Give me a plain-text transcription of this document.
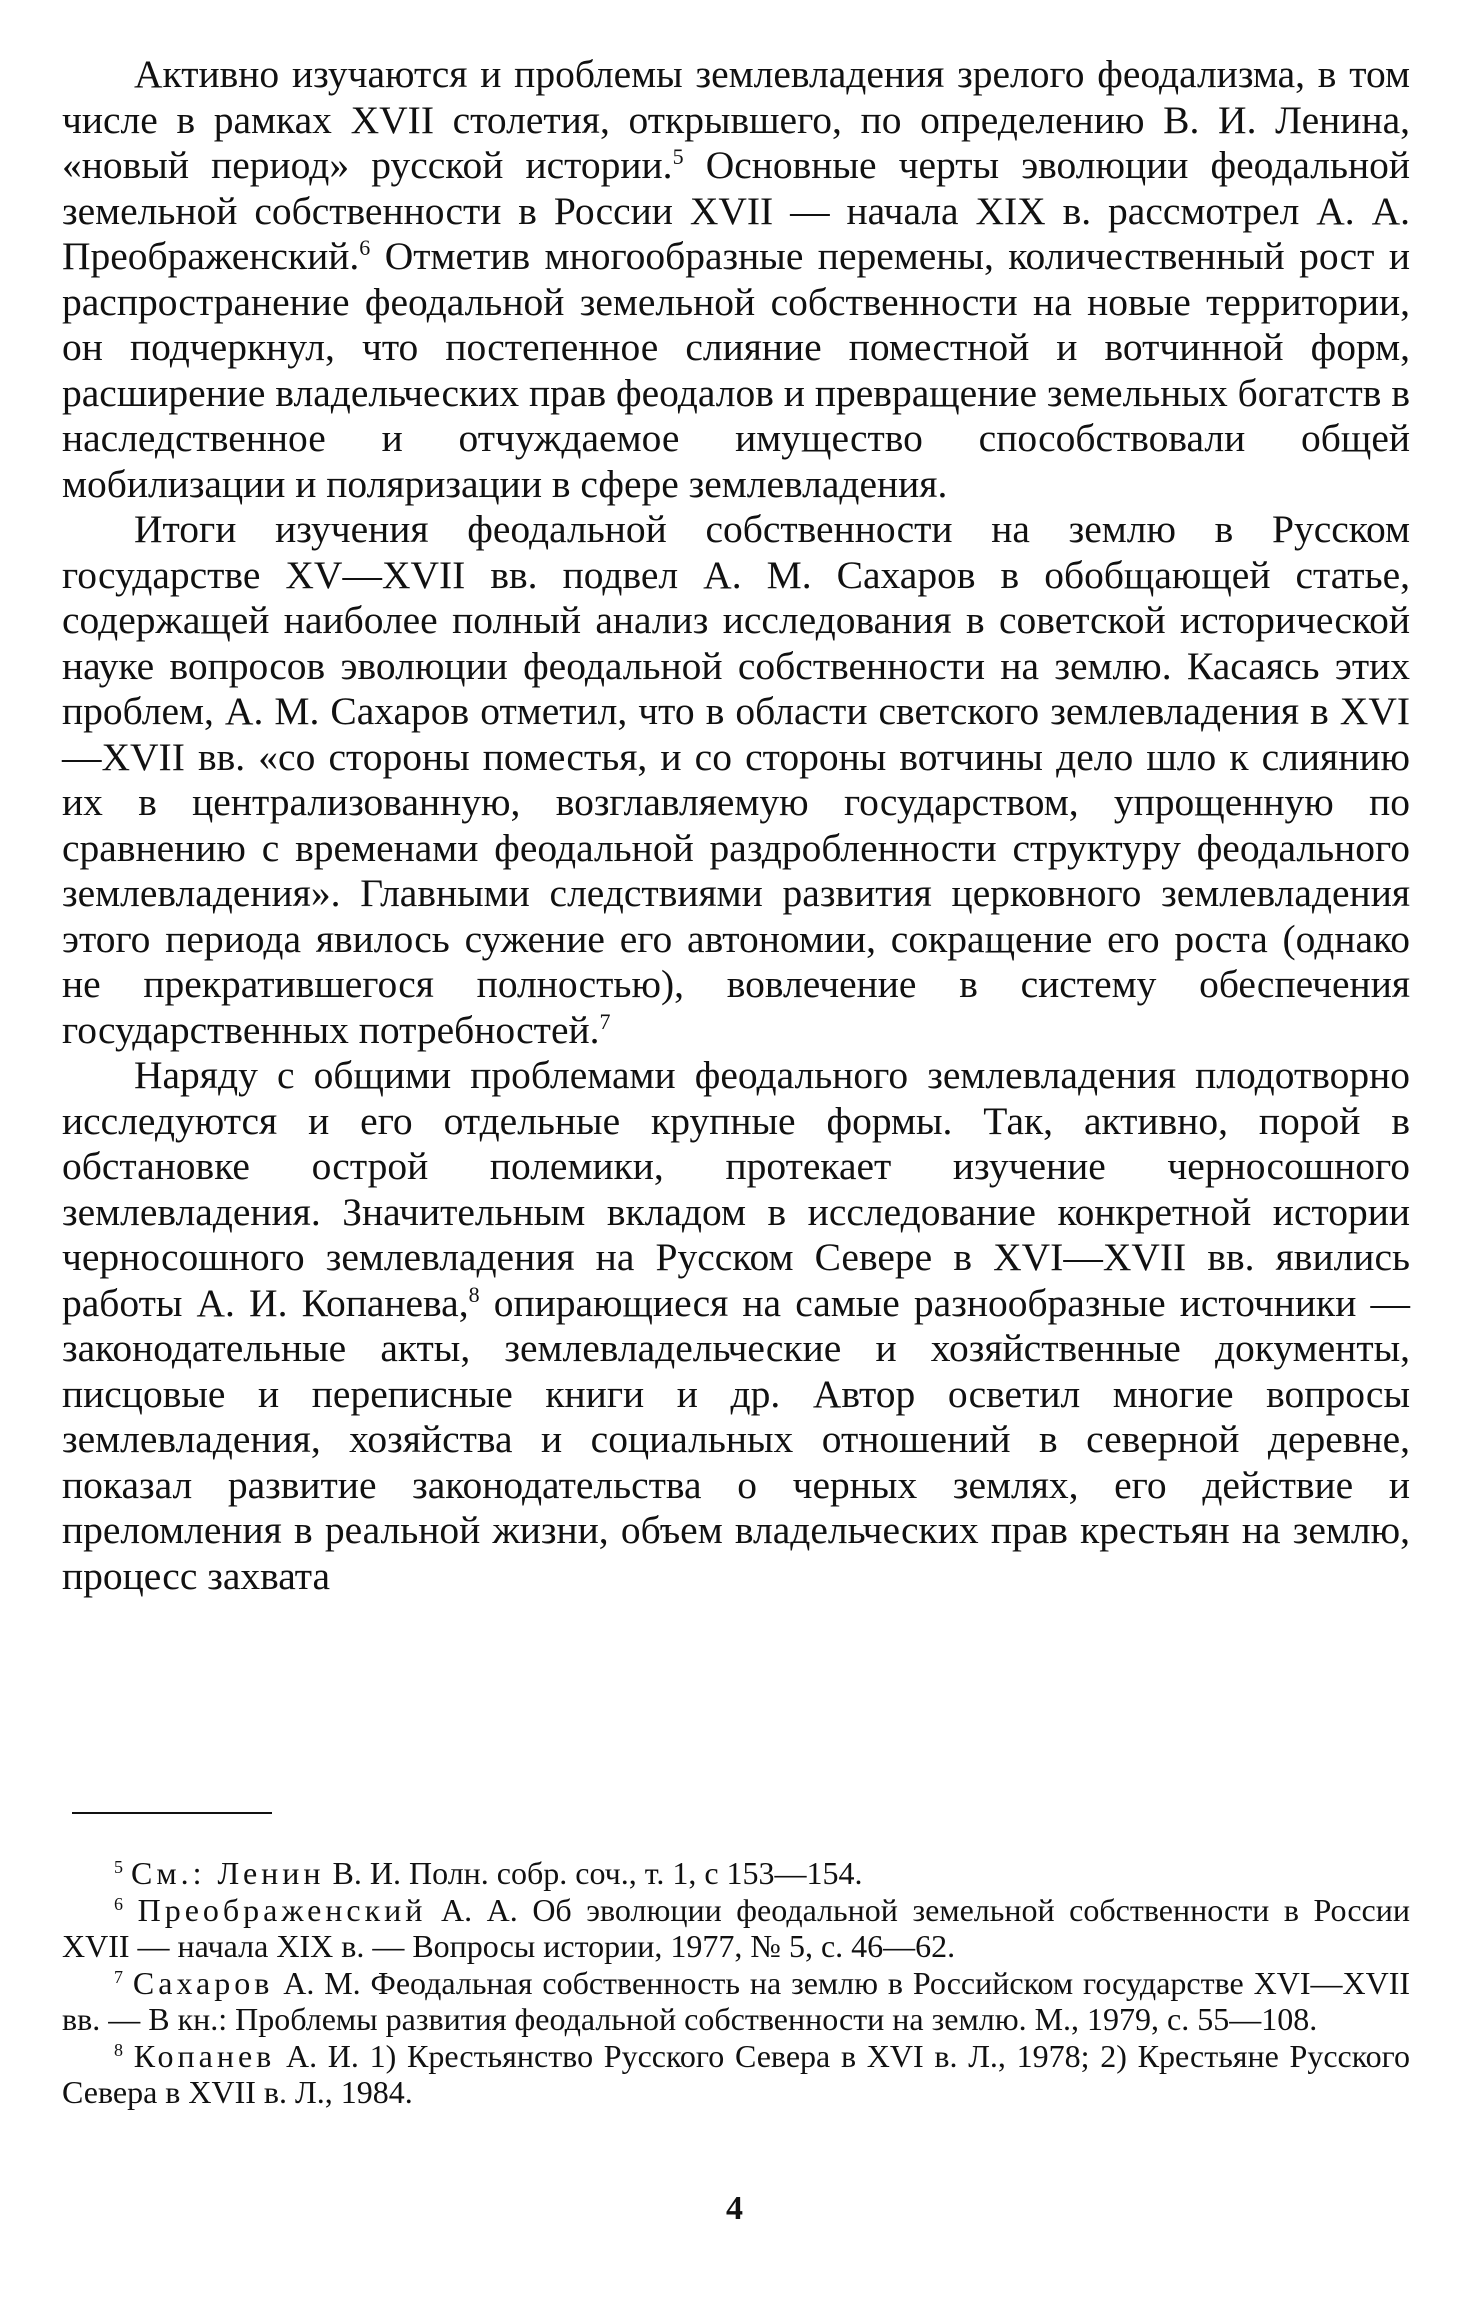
Активно изучаются и проблемы землевладения зрелого феодализма, в том числе в рамках XVII столетия, открывшего, по определению В. И. Ленина, «новый период» русской истории.$^5$ Основные черты эволюции феодальной земельной собственности в России XVII — начала XIX в. рассмотрел А. А. Преображенский.$^6$ Отметив многообразные перемены, количественный рост и распространение феодальной земельной собственности на новые территории, он подчеркнул, что постепенное слияние поместной и вотчинной форм, расширение владельческих прав феодалов и превращение земельных богатств в наследственное и отчуждаемое имущество способствовали общей мобилизации и поляризации в сфере землевладения.

Итоги изучения феодальной собственности на землю в Русском государстве XV—XVII вв. подвел А. М. Сахаров в обобщающей статье, содержащей наиболее полный анализ исследования в советской исторической науке вопросов эволюции феодальной собственности на землю. Касаясь этих проблем, А. М. Сахаров отметил, что в области светского землевладения в XVI—XVII вв. «со стороны поместья, и со стороны вотчины дело шло к слиянию их в централизованную, возглавляемую государством, упрощенную по сравнению с временами феодальной раздробленности структуру феодального землевладения». Главными следствиями развития церковного землевладения этого периода явилось сужение его автономии, сокращение его роста (однако не прекратившегося полностью), вовлечение в систему обеспечения государственных потребностей.$^7$

Наряду с общими проблемами феодального землевладения плодотворно исследуются и его отдельные крупные формы. Так, активно, порой в обстановке острой полемики, протекает изучение черносошного землевладения. Значительным вкладом в исследование конкретной истории черносошного землевладения на Русском Севере в XVI—XVII вв. явились работы А. И. Копанева,$^8$ опирающиеся на самые разнообразные источники — законодательные акты, землевладельческие и хозяйственные документы, писцовые и переписные книги и др. Автор осветил многие вопросы землевладения, хозяйства и социальных отношений в северной деревне, показал развитие законодательства о черных землях, его действие и преломления в реальной жизни, объем владельческих прав крестьян на землю, процесс захвата

$^5$ См.: Ленин В. И. Полн. собр. соч., т. 1, с 153—154.

$^6$ Преображенский А. А. Об эволюции феодальной земельной собственности в России XVII — начала XIX в. — Вопросы истории, 1977, № 5, с. 46—62.

$^7$ Сахаров А. М. Феодальная собственность на землю в Российском государстве XVI—XVII вв. — В кн.: Проблемы развития феодальной собственности на землю. М., 1979, с. 55—108.

$^8$ Копанев А. И. 1) Крестьянство Русского Севера в XVI в. Л., 1978; 2) Крестьяне Русского Севера в XVII в. Л., 1984.

4
